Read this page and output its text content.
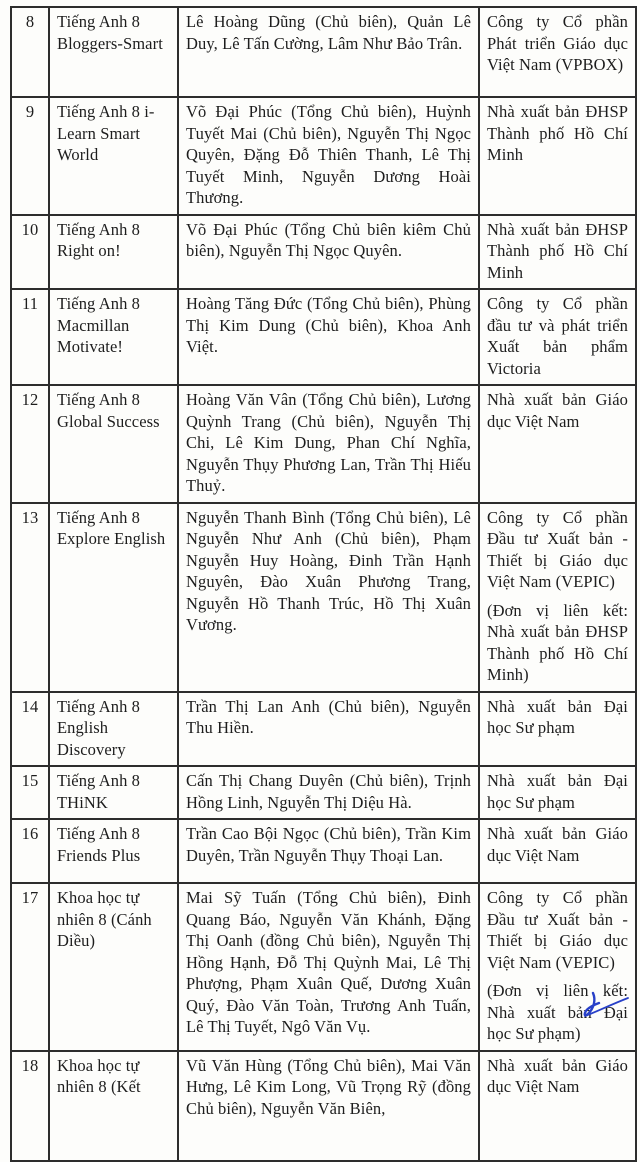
8	Tiếng Anh 8 Bloggers-Smart	Lê Hoàng Dũng (Chủ biên), Quản Lê Duy, Lê Tấn Cường, Lâm Như Bảo Trân.	Công ty Cổ phần Phát triển Giáo dục Việt Nam (VPBOX)

9	Tiếng Anh 8 i-Learn Smart World	Võ Đại Phúc (Tổng Chủ biên), Huỳnh Tuyết Mai (Chủ biên), Nguyễn Thị Ngọc Quyên, Đặng Đỗ Thiên Thanh, Lê Thị Tuyết Minh, Nguyễn Dương Hoài Thương.	Nhà xuất bản ĐHSP Thành phố Hồ Chí Minh

10	Tiếng Anh 8 Right on!	Võ Đại Phúc (Tổng Chủ biên kiêm Chủ biên), Nguyễn Thị Ngọc Quyên.	Nhà xuất bản ĐHSP Thành phố Hồ Chí Minh

11	Tiếng Anh 8 Macmillan Motivate!	Hoàng Tăng Đức (Tổng Chủ biên), Phùng Thị Kim Dung (Chủ biên), Khoa Anh Việt.	Công ty Cổ phần đầu tư và phát triển Xuất bản phẩm Victoria

12	Tiếng Anh 8 Global Success	Hoàng Văn Vân (Tổng Chủ biên), Lương Quỳnh Trang (Chủ biên), Nguyễn Thị Chi, Lê Kim Dung, Phan Chí Nghĩa, Nguyễn Thụy Phương Lan, Trần Thị Hiếu Thuỷ.	Nhà xuất bản Giáo dục Việt Nam

13	Tiếng Anh 8 Explore English	Nguyễn Thanh Bình (Tổng Chủ biên), Lê Nguyễn Như Anh (Chủ biên), Phạm Nguyễn Huy Hoàng, Đinh Trần Hạnh Nguyên, Đào Xuân Phương Trang, Nguyễn Hồ Thanh Trúc, Hồ Thị Xuân Vương.	Công ty Cổ phần Đầu tư Xuất bản - Thiết bị Giáo dục Việt Nam (VEPIC)
(Đơn vị liên kết: Nhà xuất bản ĐHSP Thành phố Hồ Chí Minh)

14	Tiếng Anh 8 English Discovery	Trần Thị Lan Anh (Chủ biên), Nguyễn Thu Hiền.	Nhà xuất bản Đại học Sư phạm

15	Tiếng Anh 8 THiNK	Cấn Thị Chang Duyên (Chủ biên), Trịnh Hồng Linh, Nguyễn Thị Diệu Hà.	Nhà xuất bản Đại học Sư phạm

16	Tiếng Anh 8 Friends Plus	Trần Cao Bội Ngọc (Chủ biên), Trần Kim Duyên, Trần Nguyễn Thụy Thoại Lan.	Nhà xuất bản Giáo dục Việt Nam

17	Khoa học tự nhiên 8 (Cánh Diều)	Mai Sỹ Tuấn (Tổng Chủ biên), Đinh Quang Báo, Nguyễn Văn Khánh, Đặng Thị Oanh (đồng Chủ biên), Nguyễn Thị Hồng Hạnh, Đỗ Thị Quỳnh Mai, Lê Thị Phượng, Phạm Xuân Quế, Dương Xuân Quý, Đào Văn Toàn, Trương Anh Tuấn, Lê Thị Tuyết, Ngô Văn Vụ.	Công ty Cổ phần Đầu tư Xuất bản - Thiết bị Giáo dục Việt Nam (VEPIC)
(Đơn vị liên kết: Nhà xuất bản Đại học Sư phạm)

18	Khoa học tự nhiên 8 (Kết	Vũ Văn Hùng (Tổng Chủ biên), Mai Văn Hưng, Lê Kim Long, Vũ Trọng Rỹ (đồng Chủ biên), Nguyễn Văn Biên,	Nhà xuất bản Giáo dục Việt Nam
